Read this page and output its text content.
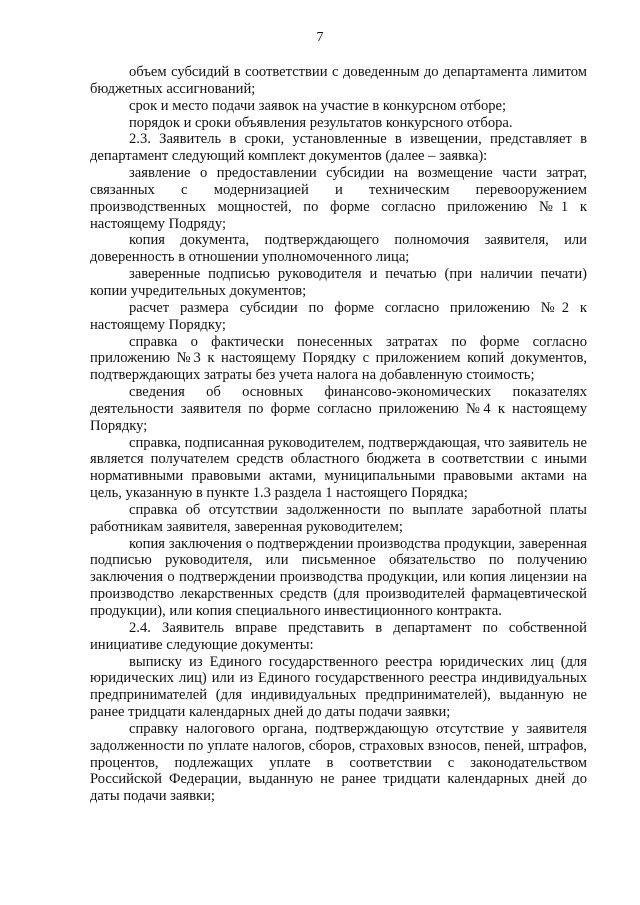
7

объем субсидий в соответствии с доведенным до департамента лимитом бюджетных ассигнований;

срок и место подачи заявок на участие в конкурсном отборе;

порядок и сроки объявления результатов конкурсного отбора.

2.3. Заявитель в сроки, установленные в извещении, представляет в департамент следующий комплект документов (далее – заявка):

заявление о предоставлении субсидии на возмещение части затрат, связанных с модернизацией и техническим перевооружением производственных мощностей, по форме согласно приложению №1 к настоящему Подряду;

копия документа, подтверждающего полномочия заявителя, или доверенность в отношении уполномоченного лица;

заверенные подписью руководителя и печатью (при наличии печати) копии учредительных документов;

расчет размера субсидии по форме согласно приложению №2 к настоящему Порядку;

справка о фактически понесенных затратах по форме согласно приложению №3 к настоящему Порядку с приложением копий документов, подтверждающих затраты без учета налога на добавленную стоимость;

сведения об основных финансово-экономических показателях деятельности заявителя по форме согласно приложению №4 к настоящему Порядку;

справка, подписанная руководителем, подтверждающая, что заявитель не является получателем средств областного бюджета в соответствии с иными нормативными правовыми актами, муниципальными правовыми актами на цель, указанную в пункте 1.3 раздела 1 настоящего Порядка;

справка об отсутствии задолженности по выплате заработной платы работникам заявителя, заверенная руководителем;

копия заключения о подтверждении производства продукции, заверенная подписью руководителя, или письменное обязательство по получению заключения о подтверждении производства продукции, или копия лицензии на производство лекарственных средств (для производителей фармацевтической продукции), или копия специального инвестиционного контракта.

2.4. Заявитель вправе представить в департамент по собственной инициативе следующие документы:

выписку из Единого государственного реестра юридических лиц (для юридических лиц) или из Единого государственного реестра индивидуальных предпринимателей (для индивидуальных предпринимателей), выданную не ранее тридцати календарных дней до даты подачи заявки;

справку налогового органа, подтверждающую отсутствие у заявителя задолженности по уплате налогов, сборов, страховых взносов, пеней, штрафов, процентов, подлежащих уплате в соответствии с законодательством Российской Федерации, выданную не ранее тридцати календарных дней до даты подачи заявки;
